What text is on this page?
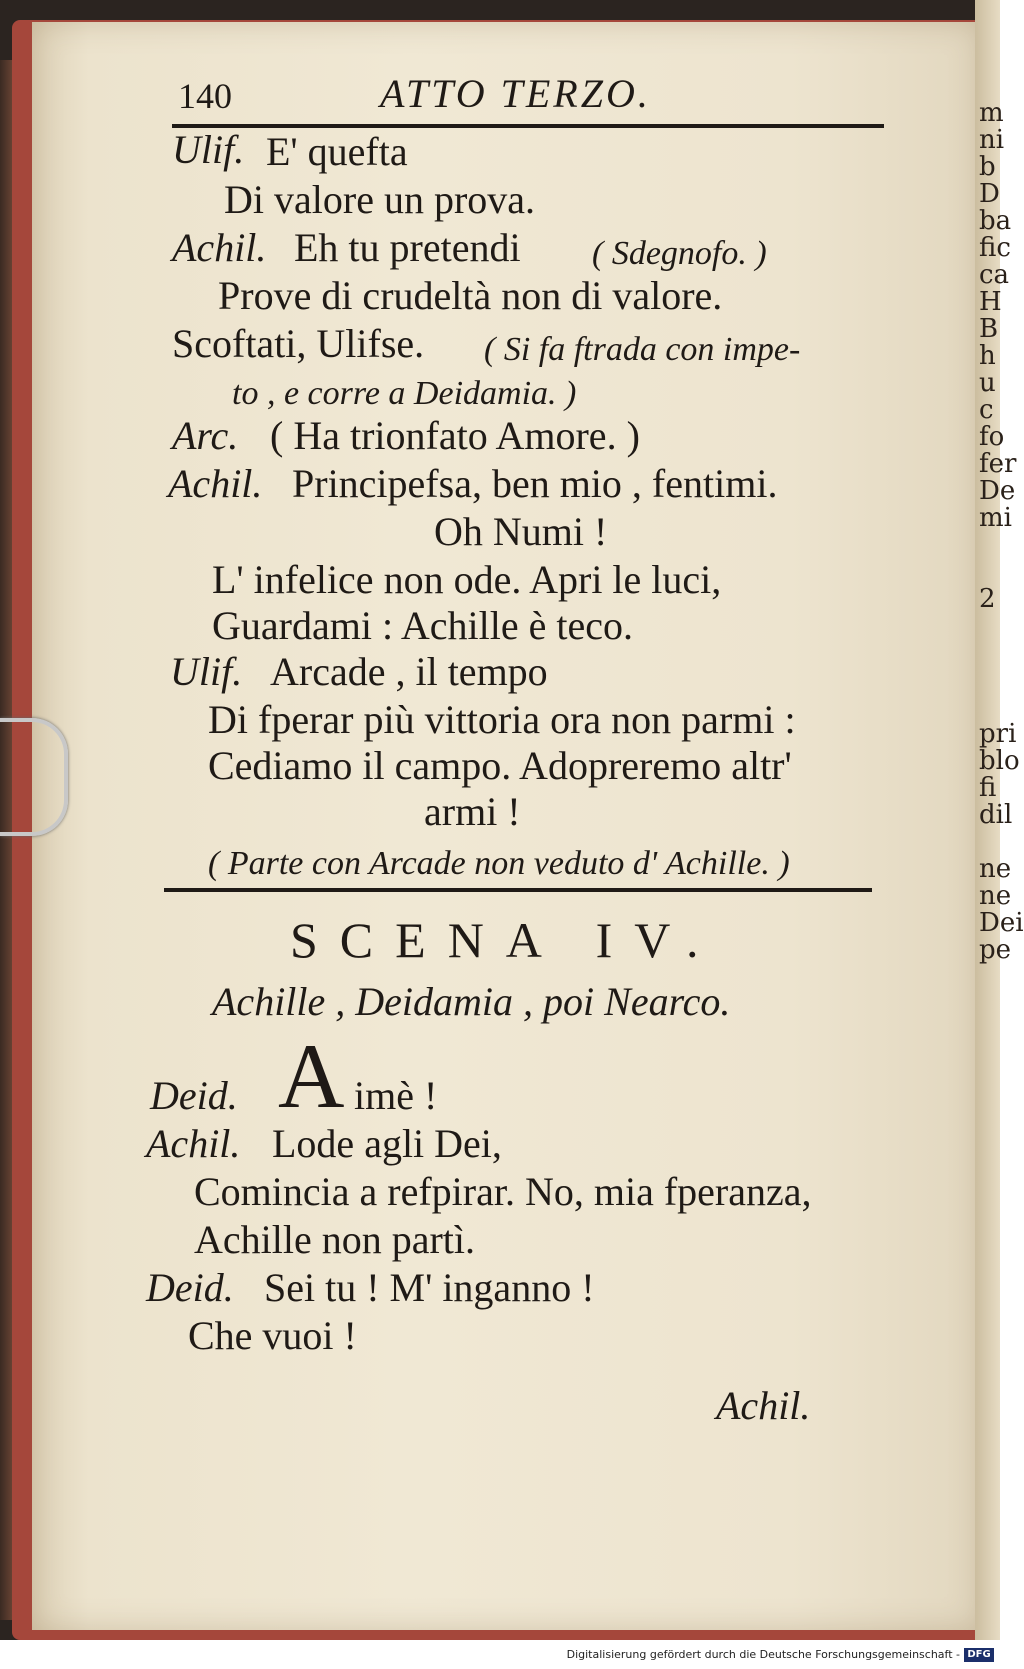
140	ATTO TERZO.
Ulif. E' quefta
Di valore un prova.
Achil. Eh tu pretendi ( Sdegnofo. )
Prove di crudeltà non di valore.
Scoftati, Ulifse. ( Si fa ftrada con impe-
to , e corre a Deidamia. )
Arc. ( Ha trionfato Amore. )
Achil. Principefsa, ben mio , fentimi.
Oh Numi !
L' infelice non ode. Apri le luci,
Guardami : Achille è teco.
Ulif. Arcade , il tempo
Di fperar più vittoria ora non parmi :
Cediamo il campo. Adopreremo altr'
armi !
( Parte con Arcade non veduto d' Achille. )
SCENA IV.
Achille , Deidamia , poi Nearco.
Deid. A imè !
Achil. Lode agli Dei,
Comincia a refpirar. No, mia fperanza,
Achille non partì.
Deid. Sei tu ! M' inganno !
Che vuoi !
Achil.
m
ni
b
D
ba
fic
ca
H
B
h
u
c
fo
fer
De
mi

2

pri
blo
fi
dil

ne
ne
Dei
pe
Digitalisierung gefördert durch die Deutsche Forschungsgemeinschaft - DFG
